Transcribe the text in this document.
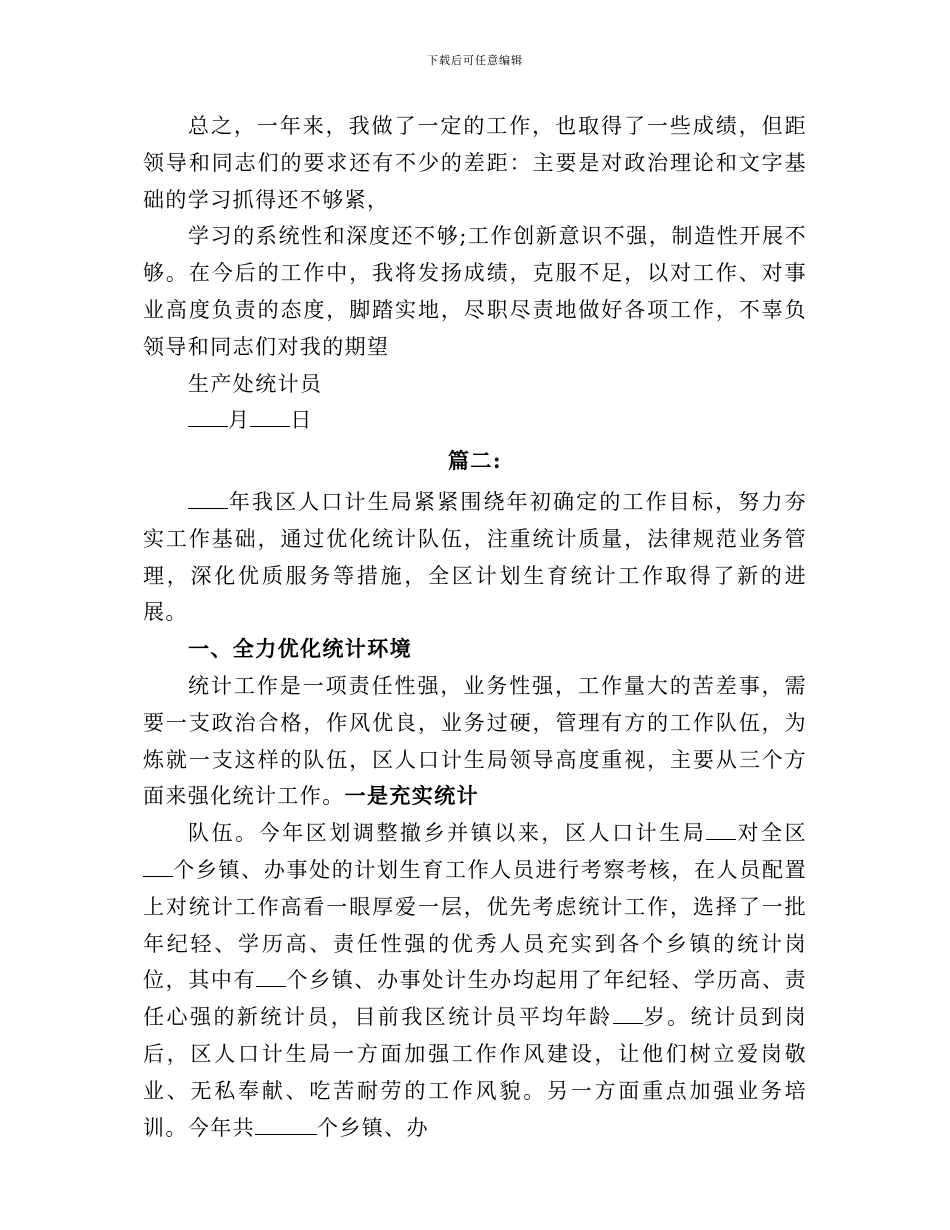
下载后可任意编辑

总之，一年来，我做了一定的工作，也取得了一些成绩，但距领导和同志们的要求还有不少的差距：主要是对政治理论和文字基础的学习抓得还不够紧，

学习的系统性和深度还不够;工作创新意识不强，制造性开展不够。在今后的工作中，我将发扬成绩，克服不足，以对工作、对事业高度负责的态度，脚踏实地，尽职尽责地做好各项工作，不辜负领导和同志们对我的期望

生产处统计员

月 日

篇二:

年我区人口计生局紧紧围绕年初确定的工作目标，努力夯实工作基础，通过优化统计队伍，注重统计质量，法律规范业务管理，深化优质服务等措施，全区计划生育统计工作取得了新的进展。

一、全力优化统计环境

统计工作是一项责任性强，业务性强，工作量大的苦差事，需要一支政治合格，作风优良，业务过硬，管理有方的工作队伍，为炼就一支这样的队伍，区人口计生局领导高度重视，主要从三个方面来强化统计工作。一是充实统计

队伍。今年区划调整撤乡并镇以来，区人口计生局 对全区个乡镇、办事处的计划生育工作人员进行考察考核，在人员配置上对统计工作高看一眼厚爱一层，优先考虑统计工作，选择了一批年纪轻、学历高、责任性强的优秀人员充实到各个乡镇的统计岗位，其中有 个乡镇、办事处计生办均起用了年纪轻、学历高、责任心强的新统计员，目前我区统计员平均年龄 岁。统计员到岗后，区人口计生局一方面加强工作作风建设，让他们树立爱岗敬业、无私奉献、吃苦耐劳的工作风貌。另一方面重点加强业务培训。今年共	个乡镇、办
